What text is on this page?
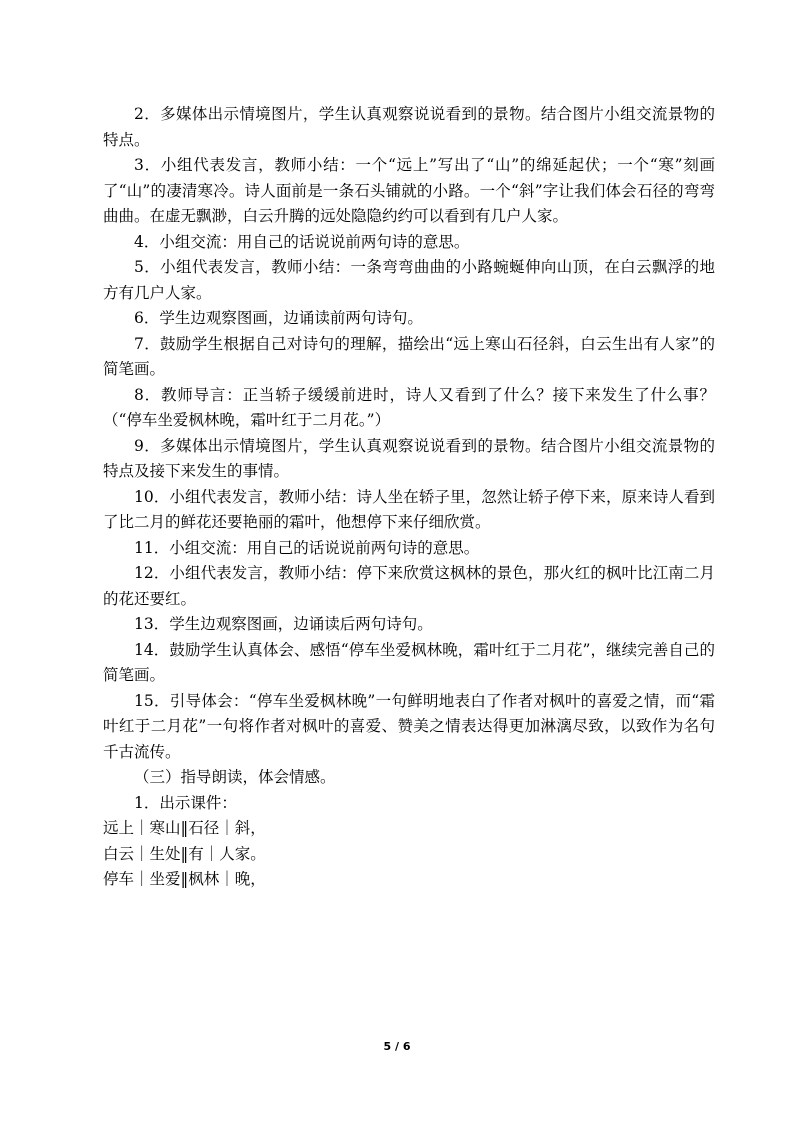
2．多媒体出示情境图片，学生认真观察说说看到的景物。结合图片小组交流景物的特点。

3．小组代表发言，教师小结：一个“远上”写出了“山”的绵延起伏；一个“寒”刻画了“山”的凄清寒冷。诗人面前是一条石头铺就的小路。一个“斜”字让我们体会石径的弯弯曲曲。在虚无飘渺，白云升腾的远处隐隐约约可以看到有几户人家。

4．小组交流：用自己的话说说前两句诗的意思。

5．小组代表发言，教师小结：一条弯弯曲曲的小路蜿蜒伸向山顶，在白云飘浮的地方有几户人家。

6．学生边观察图画，边诵读前两句诗句。

7．鼓励学生根据自己对诗句的理解，描绘出“远上寒山石径斜，白云生出有人家”的简笔画。

8．教师导言：正当轿子缓缓前进时，诗人又看到了什么？接下来发生了什么事？（“停车坐爱枫林晚，霜叶红于二月花。”）

9．多媒体出示情境图片，学生认真观察说说看到的景物。结合图片小组交流景物的特点及接下来发生的事情。

10．小组代表发言，教师小结：诗人坐在轿子里，忽然让轿子停下来，原来诗人看到了比二月的鲜花还要艳丽的霜叶，他想停下来仔细欣赏。

11．小组交流：用自己的话说说前两句诗的意思。

12．小组代表发言，教师小结：停下来欣赏这枫林的景色，那火红的枫叶比江南二月的花还要红。

13．学生边观察图画，边诵读后两句诗句。

14．鼓励学生认真体会、感悟“停车坐爱枫林晚，霜叶红于二月花”，继续完善自己的简笔画。

15．引导体会：“停车坐爱枫林晚”一句鲜明地表白了作者对枫叶的喜爱之情，而“霜叶红于二月花”一句将作者对枫叶的喜爱、赞美之情表达得更加淋漓尽致，以致作为名句千古流传。

（三）指导朗读，体会情感。

1．出示课件：

远上｜寒山‖石径｜斜，

白云｜生处‖有｜人家。

停车｜坐爱‖枫林｜晚，

5 / 6
